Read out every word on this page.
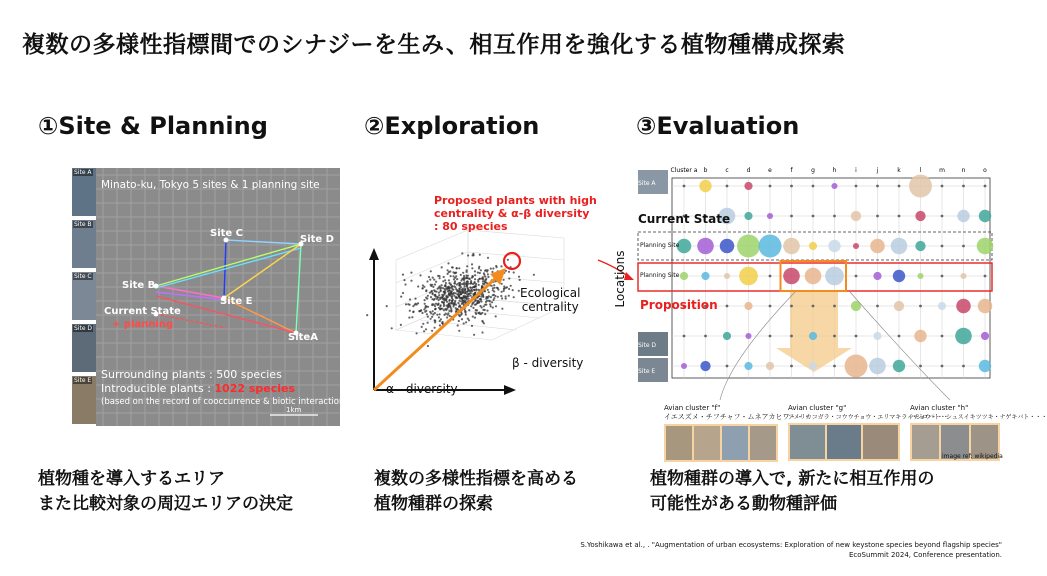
複数の多様性指標間でのシナジーを生み、相互作用を強化する植物種構成探索
①Site & Planning	②Exploration	③Evaluation
Site A
Site B
Site C
Site D
Site E
Minato-ku, Tokyo 5 sites & 1 planning site
Site C
Site D
Site B
Site E
SiteA
Current State
+ planning
Surrounding plants : 500 species
Introducible plants : 1022 species
(based on the record of cooccurrence & biotic interactions)
1km
Proposed plants with high
centrality & α-β diversity
: 80 species
Ecological
centrality
β - diversity
α - diversity
Locations
Site A
Site D
Site E
Cluster a b	c	d	e	f	g	h	i	j	k	l	m	n	o
Current State
Proposition
Planning Site
Planning Site
Avian cluster "f"
イエスズメ・チフチャフ・ムネアカヒワ・・・
Avian cluster "g"
アメリカコガラ・コウウチョウ・エリマキライチョウ・・・
Avian cluster "h"
ハジロバト・シュスイキツツキ・ナゲキバト・・・
image ref: wikipedia
植物種を導入するエリア
また比較対象の周辺エリアの決定
複数の多様性指標を高める
植物種群の探索
植物種群の導入で, 新たに相互作用の
可能性がある動物種評価
S.Yoshikawa et al., . "Augmentation of urban ecosystems: Exploration of new keystone species beyond flagship species"
EcoSummit 2024, Conference presentation.
